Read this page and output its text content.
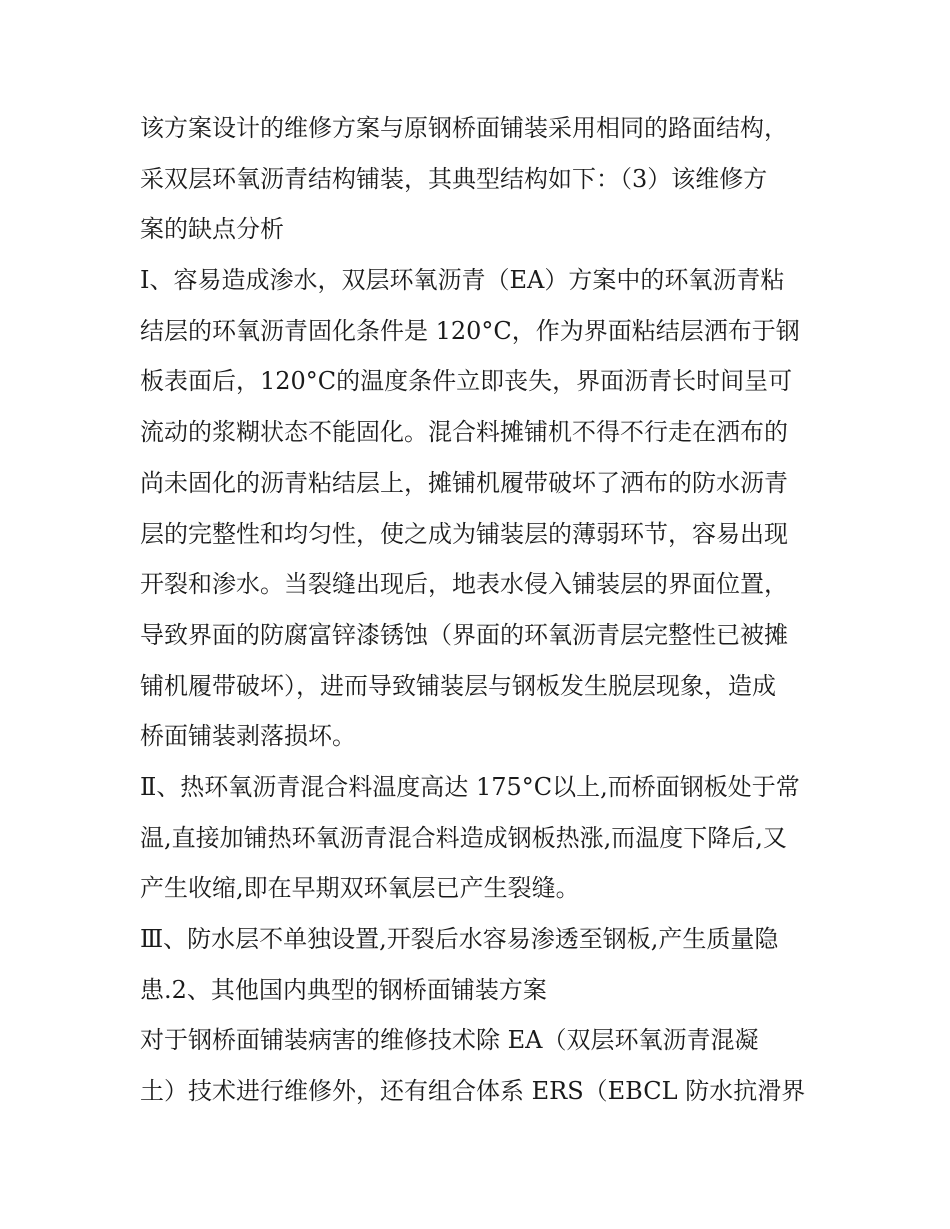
该方案设计的维修方案与原钢桥面铺装采用相同的路面结构，
采双层环氧沥青结构铺装，其典型结构如下：（3）该维修方
案的缺点分析
I、容易造成渗水，双层环氧沥青（EA）方案中的环氧沥青粘
结层的环氧沥青固化条件是 120°C，作为界面粘结层洒布于钢
板表面后，120°C的温度条件立即丧失，界面沥青长时间呈可
流动的浆糊状态不能固化。混合料摊铺机不得不行走在洒布的
尚未固化的沥青粘结层上，摊铺机履带破坏了洒布的防水沥青
层的完整性和均匀性，使之成为铺装层的薄弱环节，容易出现
开裂和渗水。当裂缝出现后，地表水侵入铺装层的界面位置，
导致界面的防腐富锌漆锈蚀（界面的环氧沥青层完整性已被摊
铺机履带破坏），进而导致铺装层与钢板发生脱层现象，造成
桥面铺装剥落损坏。
Ⅱ、热环氧沥青混合料温度高达 175°C以上,而桥面钢板处于常
温,直接加铺热环氧沥青混合料造成钢板热涨,而温度下降后,又
产生收缩,即在早期双环氧层已产生裂缝。
Ⅲ、防水层不单独设置,开裂后水容易渗透至钢板,产生质量隐
患.2、其他国内典型的钢桥面铺装方案
对于钢桥面铺装病害的维修技术除 EA（双层环氧沥青混凝
土）技术进行维修外，还有组合体系 ERS（EBCL 防水抗滑界
